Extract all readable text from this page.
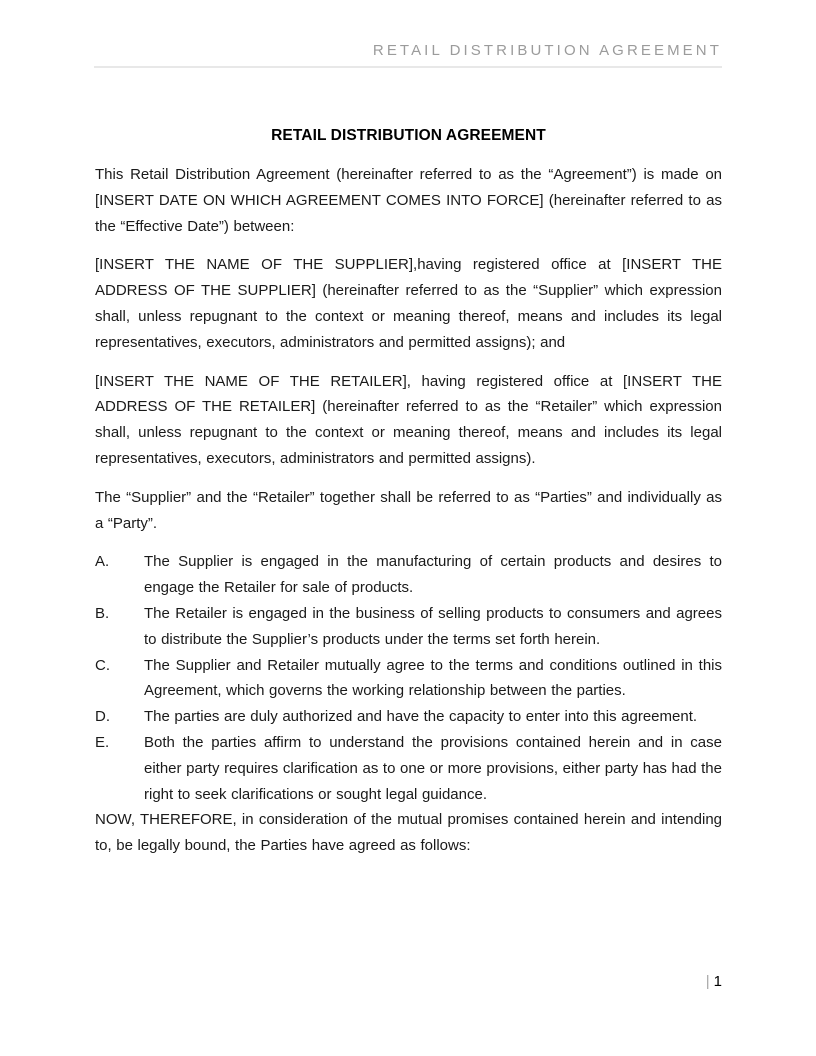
RETAIL DISTRIBUTION AGREEMENT
RETAIL DISTRIBUTION AGREEMENT

This Retail Distribution Agreement (hereinafter referred to as the “Agreement”) is made on [INSERT DATE ON WHICH AGREEMENT COMES INTO FORCE] (hereinafter referred to as the “Effective Date”) between:

[INSERT THE NAME OF THE SUPPLIER],having registered office at [INSERT THE ADDRESS OF THE SUPPLIER] (hereinafter referred to as the “Supplier” which expression shall, unless repugnant to the context or meaning thereof, means and includes its legal representatives, executors, administrators and permitted assigns); and

[INSERT THE NAME OF THE RETAILER], having registered office at [INSERT THE ADDRESS OF THE RETAILER] (hereinafter referred to as the “Retailer” which expression shall, unless repugnant to the context or meaning thereof, means and includes its legal representatives, executors, administrators and permitted assigns).

The “Supplier” and the “Retailer” together shall be referred to as “Parties” and individually as a “Party”.

A.	The Supplier is engaged in the manufacturing of certain products and desires to engage the Retailer for sale of products.
B.	The Retailer is engaged in the business of selling products to consumers and agrees to distribute the Supplier’s products under the terms set forth herein.
C.	The Supplier and Retailer mutually agree to the terms and conditions outlined in this Agreement, which governs the working relationship between the parties.
D.	The parties are duly authorized and have the capacity to enter into this agreement.
E.	Both the parties affirm to understand the provisions contained herein and in case either party requires clarification as to one or more provisions, either party has had the right to seek clarifications or sought legal guidance.

NOW, THEREFORE, in consideration of the mutual promises contained herein and intending to, be legally bound, the Parties have agreed as follows:

| 1
